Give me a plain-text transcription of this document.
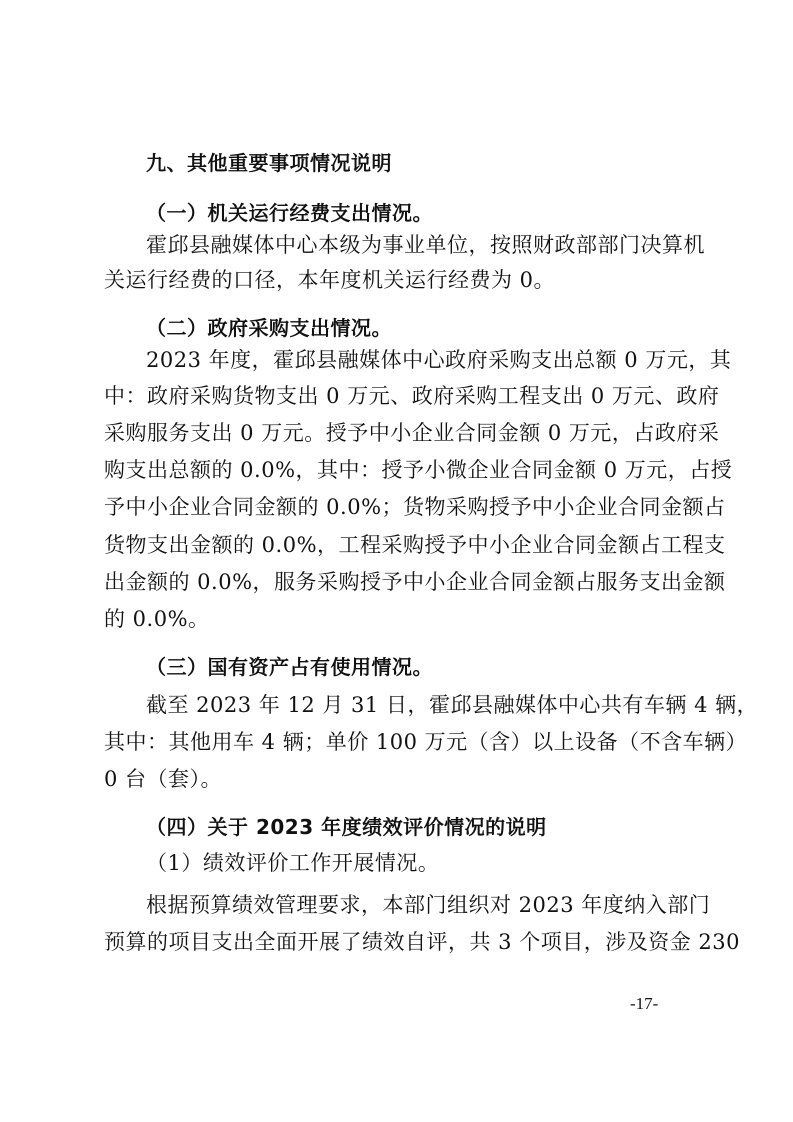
九、其他重要事项情况说明
（一）机关运行经费支出情况。
霍邱县融媒体中心本级为事业单位，按照财政部部门决算机
关运行经费的口径，本年度机关运行经费为 0。
（二）政府采购支出情况。
2023 年度，霍邱县融媒体中心政府采购支出总额 0 万元，其
中：政府采购货物支出 0 万元、政府采购工程支出 0 万元、政府
采购服务支出 0 万元。授予中小企业合同金额 0 万元，占政府采
购支出总额的 0.0%，其中：授予小微企业合同金额 0 万元，占授
予中小企业合同金额的 0.0%；货物采购授予中小企业合同金额占
货物支出金额的 0.0%，工程采购授予中小企业合同金额占工程支
出金额的 0.0%，服务采购授予中小企业合同金额占服务支出金额
的 0.0%。
（三）国有资产占有使用情况。
截至 2023 年 12 月 31 日，霍邱县融媒体中心共有车辆 4 辆，
其中：其他用车 4 辆；单价 100 万元（含）以上设备（不含车辆）
0 台（套）。
（四）关于 2023 年度绩效评价情况的说明
（1）绩效评价工作开展情况。
根据预算绩效管理要求，本部门组织对 2023 年度纳入部门
预算的项目支出全面开展了绩效自评，共 3 个项目，涉及资金 230
-17-
